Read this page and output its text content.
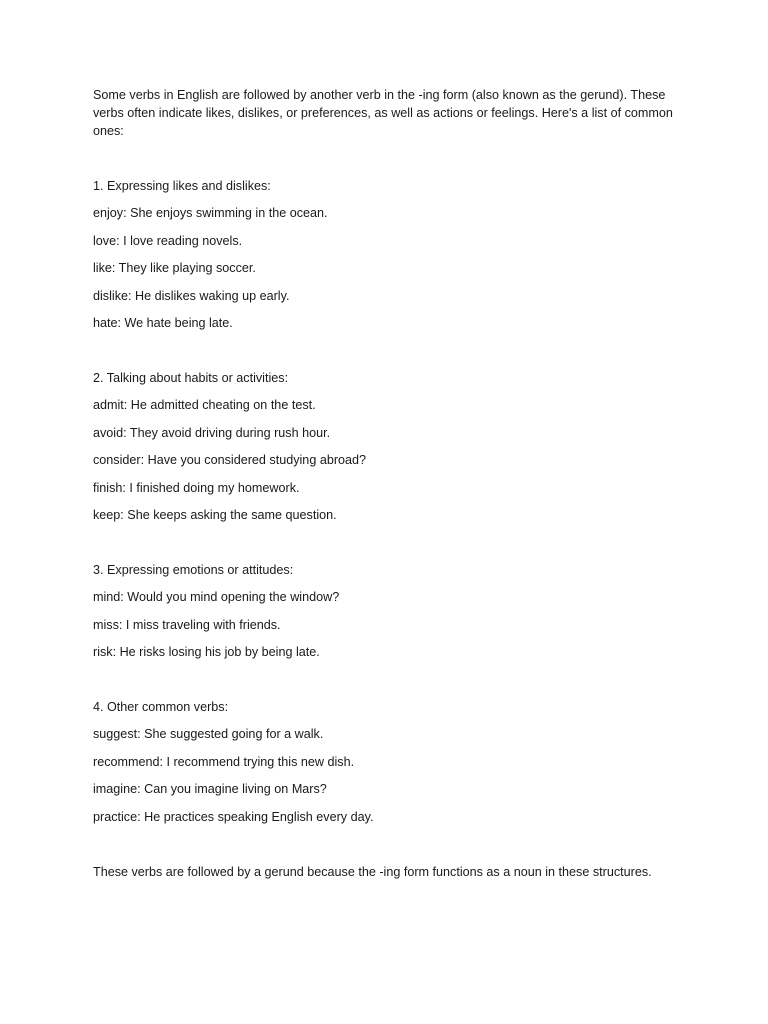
Some verbs in English are followed by another verb in the -ing form (also known as the gerund). These verbs often indicate likes, dislikes, or preferences, as well as actions or feelings. Here's a list of common ones:

1. Expressing likes and dislikes:

enjoy: She enjoys swimming in the ocean.

love: I love reading novels.

like: They like playing soccer.

dislike: He dislikes waking up early.

hate: We hate being late.

2. Talking about habits or activities:

admit: He admitted cheating on the test.

avoid: They avoid driving during rush hour.

consider: Have you considered studying abroad?

finish: I finished doing my homework.

keep: She keeps asking the same question.

3. Expressing emotions or attitudes:

mind: Would you mind opening the window?

miss: I miss traveling with friends.

risk: He risks losing his job by being late.

4. Other common verbs:

suggest: She suggested going for a walk.

recommend: I recommend trying this new dish.

imagine: Can you imagine living on Mars?

practice: He practices speaking English every day.

These verbs are followed by a gerund because the -ing form functions as a noun in these structures.
